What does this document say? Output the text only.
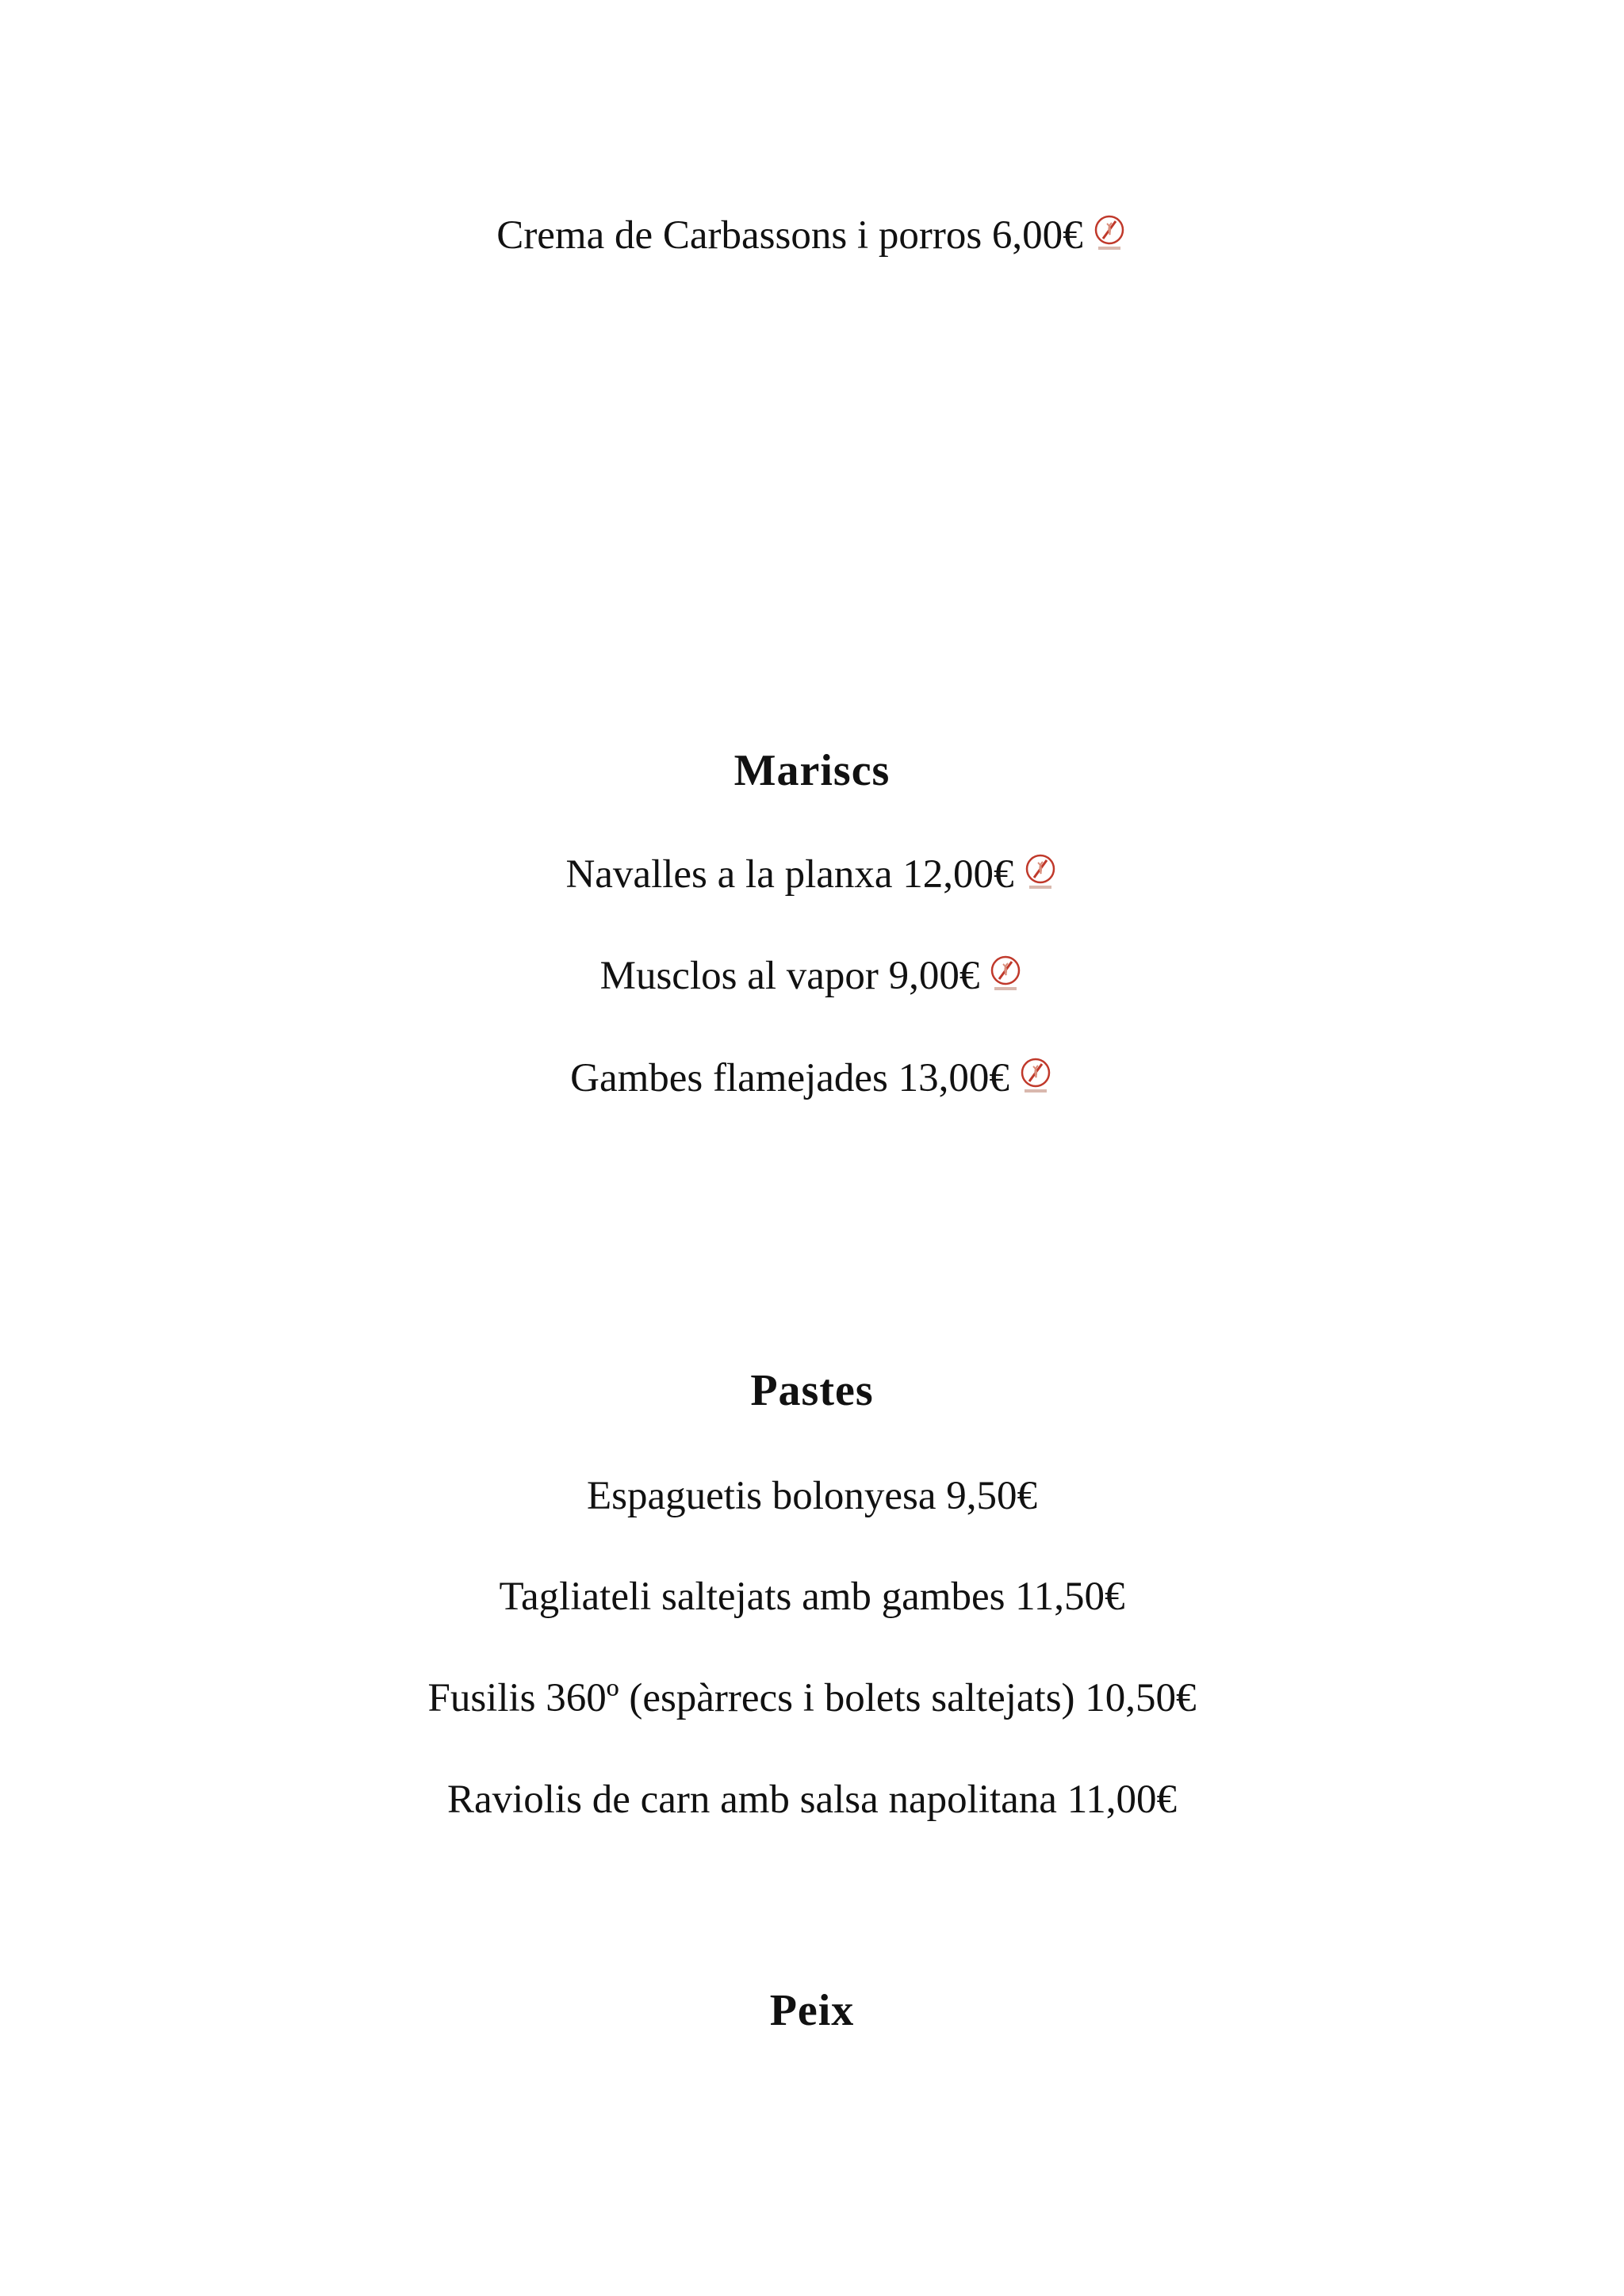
Crema de Carbassons i porros 6,00€
Mariscs
Navalles a la planxa 12,00€
Musclos al vapor 9,00€
Gambes flamejades 13,00€
Pastes
Espaguetis bolonyesa 9,50€
Tagliateli saltejats amb gambes 11,50€
Fusilis 360º (espàrrecs i bolets saltejats) 10,50€
Raviolis de carn amb salsa napolitana 11,00€
Peix
